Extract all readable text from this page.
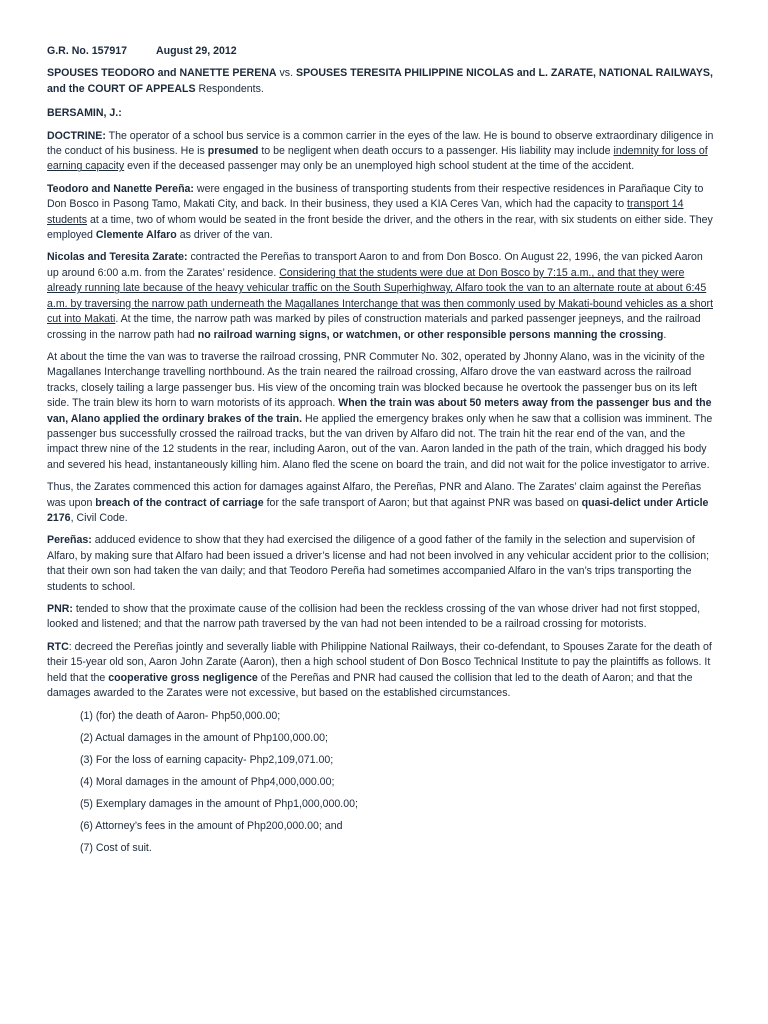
G.R. No. 157917	August 29, 2012

SPOUSES TEODORO and NANETTE PERENA vs. SPOUSES TERESITA PHILIPPINE NICOLAS and L. ZARATE, NATIONAL RAILWAYS, and the COURT OF APPEALS Respondents.

BERSAMIN, J.:

DOCTRINE: The operator of a school bus service is a common carrier in the eyes of the law. He is bound to observe extraordinary diligence in the conduct of his business. He is presumed to be negligent when death occurs to a passenger. His liability may include indemnity for loss of earning capacity even if the deceased passenger may only be an unemployed high school student at the time of the accident.

Teodoro and Nanette Pereña: were engaged in the business of transporting students from their respective residences in Parañaque City to Don Bosco in Pasong Tamo, Makati City, and back. In their business, they used a KIA Ceres Van, which had the capacity to transport 14 students at a time, two of whom would be seated in the front beside the driver, and the others in the rear, with six students on either side. They employed Clemente Alfaro as driver of the van.

Nicolas and Teresita Zarate: contracted the Pereñas to transport Aaron to and from Don Bosco. On August 22, 1996, the van picked Aaron up around 6:00 a.m. from the Zarates’ residence. Considering that the students were due at Don Bosco by 7:15 a.m., and that they were already running late because of the heavy vehicular traffic on the South Superhighway, Alfaro took the van to an alternate route at about 6:45 a.m. by traversing the narrow path underneath the Magallanes Interchange that was then commonly used by Makati-bound vehicles as a short cut into Makati. At the time, the narrow path was marked by piles of construction materials and parked passenger jeepneys, and the railroad crossing in the narrow path had no railroad warning signs, or watchmen, or other responsible persons manning the crossing.

At about the time the van was to traverse the railroad crossing, PNR Commuter No. 302, operated by Jhonny Alano, was in the vicinity of the Magallanes Interchange travelling northbound. As the train neared the railroad crossing, Alfaro drove the van eastward across the railroad tracks, closely tailing a large passenger bus. His view of the oncoming train was blocked because he overtook the passenger bus on its left side. The train blew its horn to warn motorists of its approach. When the train was about 50 meters away from the passenger bus and the van, Alano applied the ordinary brakes of the train. He applied the emergency brakes only when he saw that a collision was imminent. The passenger bus successfully crossed the railroad tracks, but the van driven by Alfaro did not. The train hit the rear end of the van, and the impact threw nine of the 12 students in the rear, including Aaron, out of the van. Aaron landed in the path of the train, which dragged his body and severed his head, instantaneously killing him. Alano fled the scene on board the train, and did not wait for the police investigator to arrive.

Thus, the Zarates commenced this action for damages against Alfaro, the Pereñas, PNR and Alano. The Zarates’ claim against the Pereñas was upon breach of the contract of carriage for the safe transport of Aaron; but that against PNR was based on quasi-delict under Article 2176, Civil Code.

Pereñas: adduced evidence to show that they had exercised the diligence of a good father of the family in the selection and supervision of Alfaro, by making sure that Alfaro had been issued a driver’s license and had not been involved in any vehicular accident prior to the collision; that their own son had taken the van daily; and that Teodoro Pereña had sometimes accompanied Alfaro in the van’s trips transporting the students to school.

PNR: tended to show that the proximate cause of the collision had been the reckless crossing of the van whose driver had not first stopped, looked and listened; and that the narrow path traversed by the van had not been intended to be a railroad crossing for motorists.

RTC: decreed the Pereñas jointly and severally liable with Philippine National Railways, their co-defendant, to Spouses Zarate for the death of their 15-year old son, Aaron John Zarate (Aaron), then a high school student of Don Bosco Technical Institute to pay the plaintiffs as follows. It held that the cooperative gross negligence of the Pereñas and PNR had caused the collision that led to the death of Aaron; and that the damages awarded to the Zarates were not excessive, but based on the established circumstances.

(1) (for) the death of Aaron- Php50,000.00;
(2) Actual damages in the amount of Php100,000.00;
(3) For the loss of earning capacity- Php2,109,071.00;
(4) Moral damages in the amount of Php4,000,000.00;
(5) Exemplary damages in the amount of Php1,000,000.00;
(6) Attorney’s fees in the amount of Php200,000.00; and
(7) Cost of suit.
